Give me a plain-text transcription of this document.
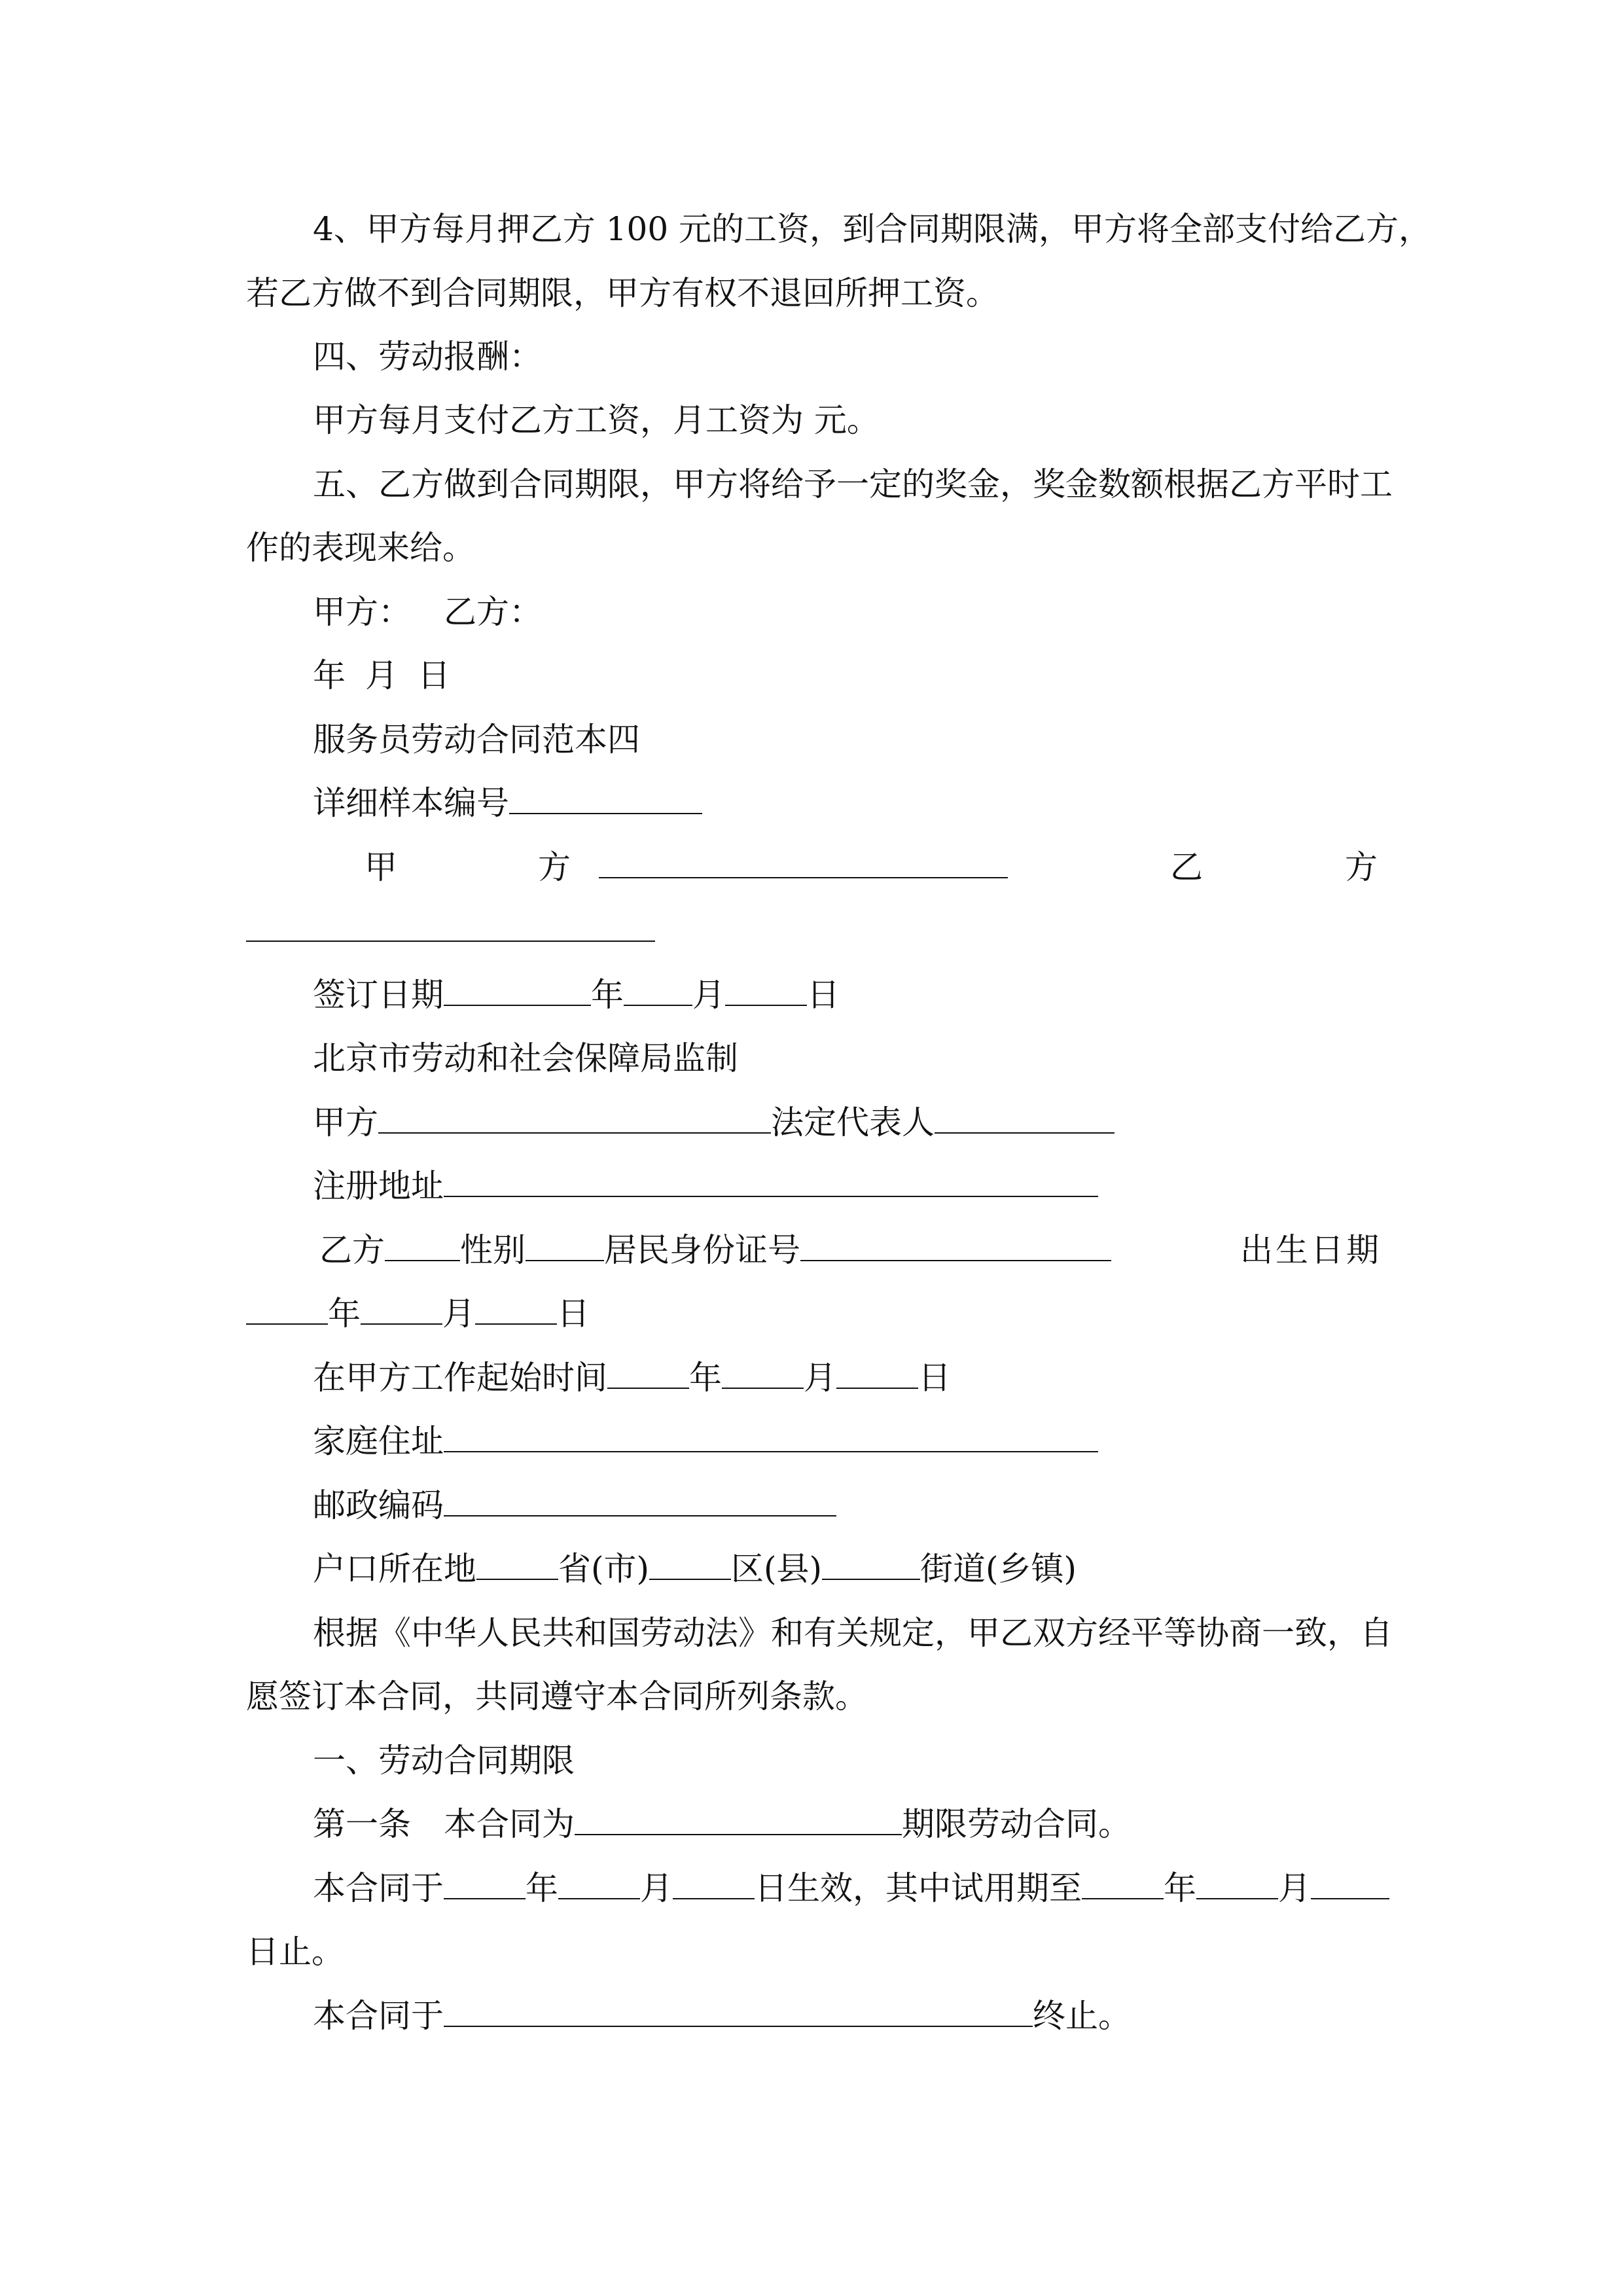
4、甲方每月押乙方 100 元的工资，到合同期限满，甲方将全部支付给乙方，
若乙方做不到合同期限，甲方有权不退回所押工资。
四、劳动报酬：
甲方每月支付乙方工资，月工资为 元。
五、乙方做到合同期限，甲方将给予一定的奖金，奖金数额根据乙方平时工
作的表现来给。
甲方： 乙方：
年 月 日
服务员劳动合同范本四
详细样本编号
甲	方	乙	方
签订日期	年 月	日
北京市劳动和社会保障局监制
甲方	法定代表人
注册地址
乙方 性别 居民身份证号	出生日期
年	月	日
在甲方工作起始时间	年	月	日
家庭住址
邮政编码
户口所在地	省(市)	区(县)	街道(乡镇)
根据《中华人民共和国劳动法》和有关规定，甲乙双方经平等协商一致，自
愿签订本合同，共同遵守本合同所列条款。
一、劳动合同期限
第一条　本合同为	期限劳动合同。
本合同于	年	月	日生效，其中试用期至	年	月
日止。
本合同于	终止。
